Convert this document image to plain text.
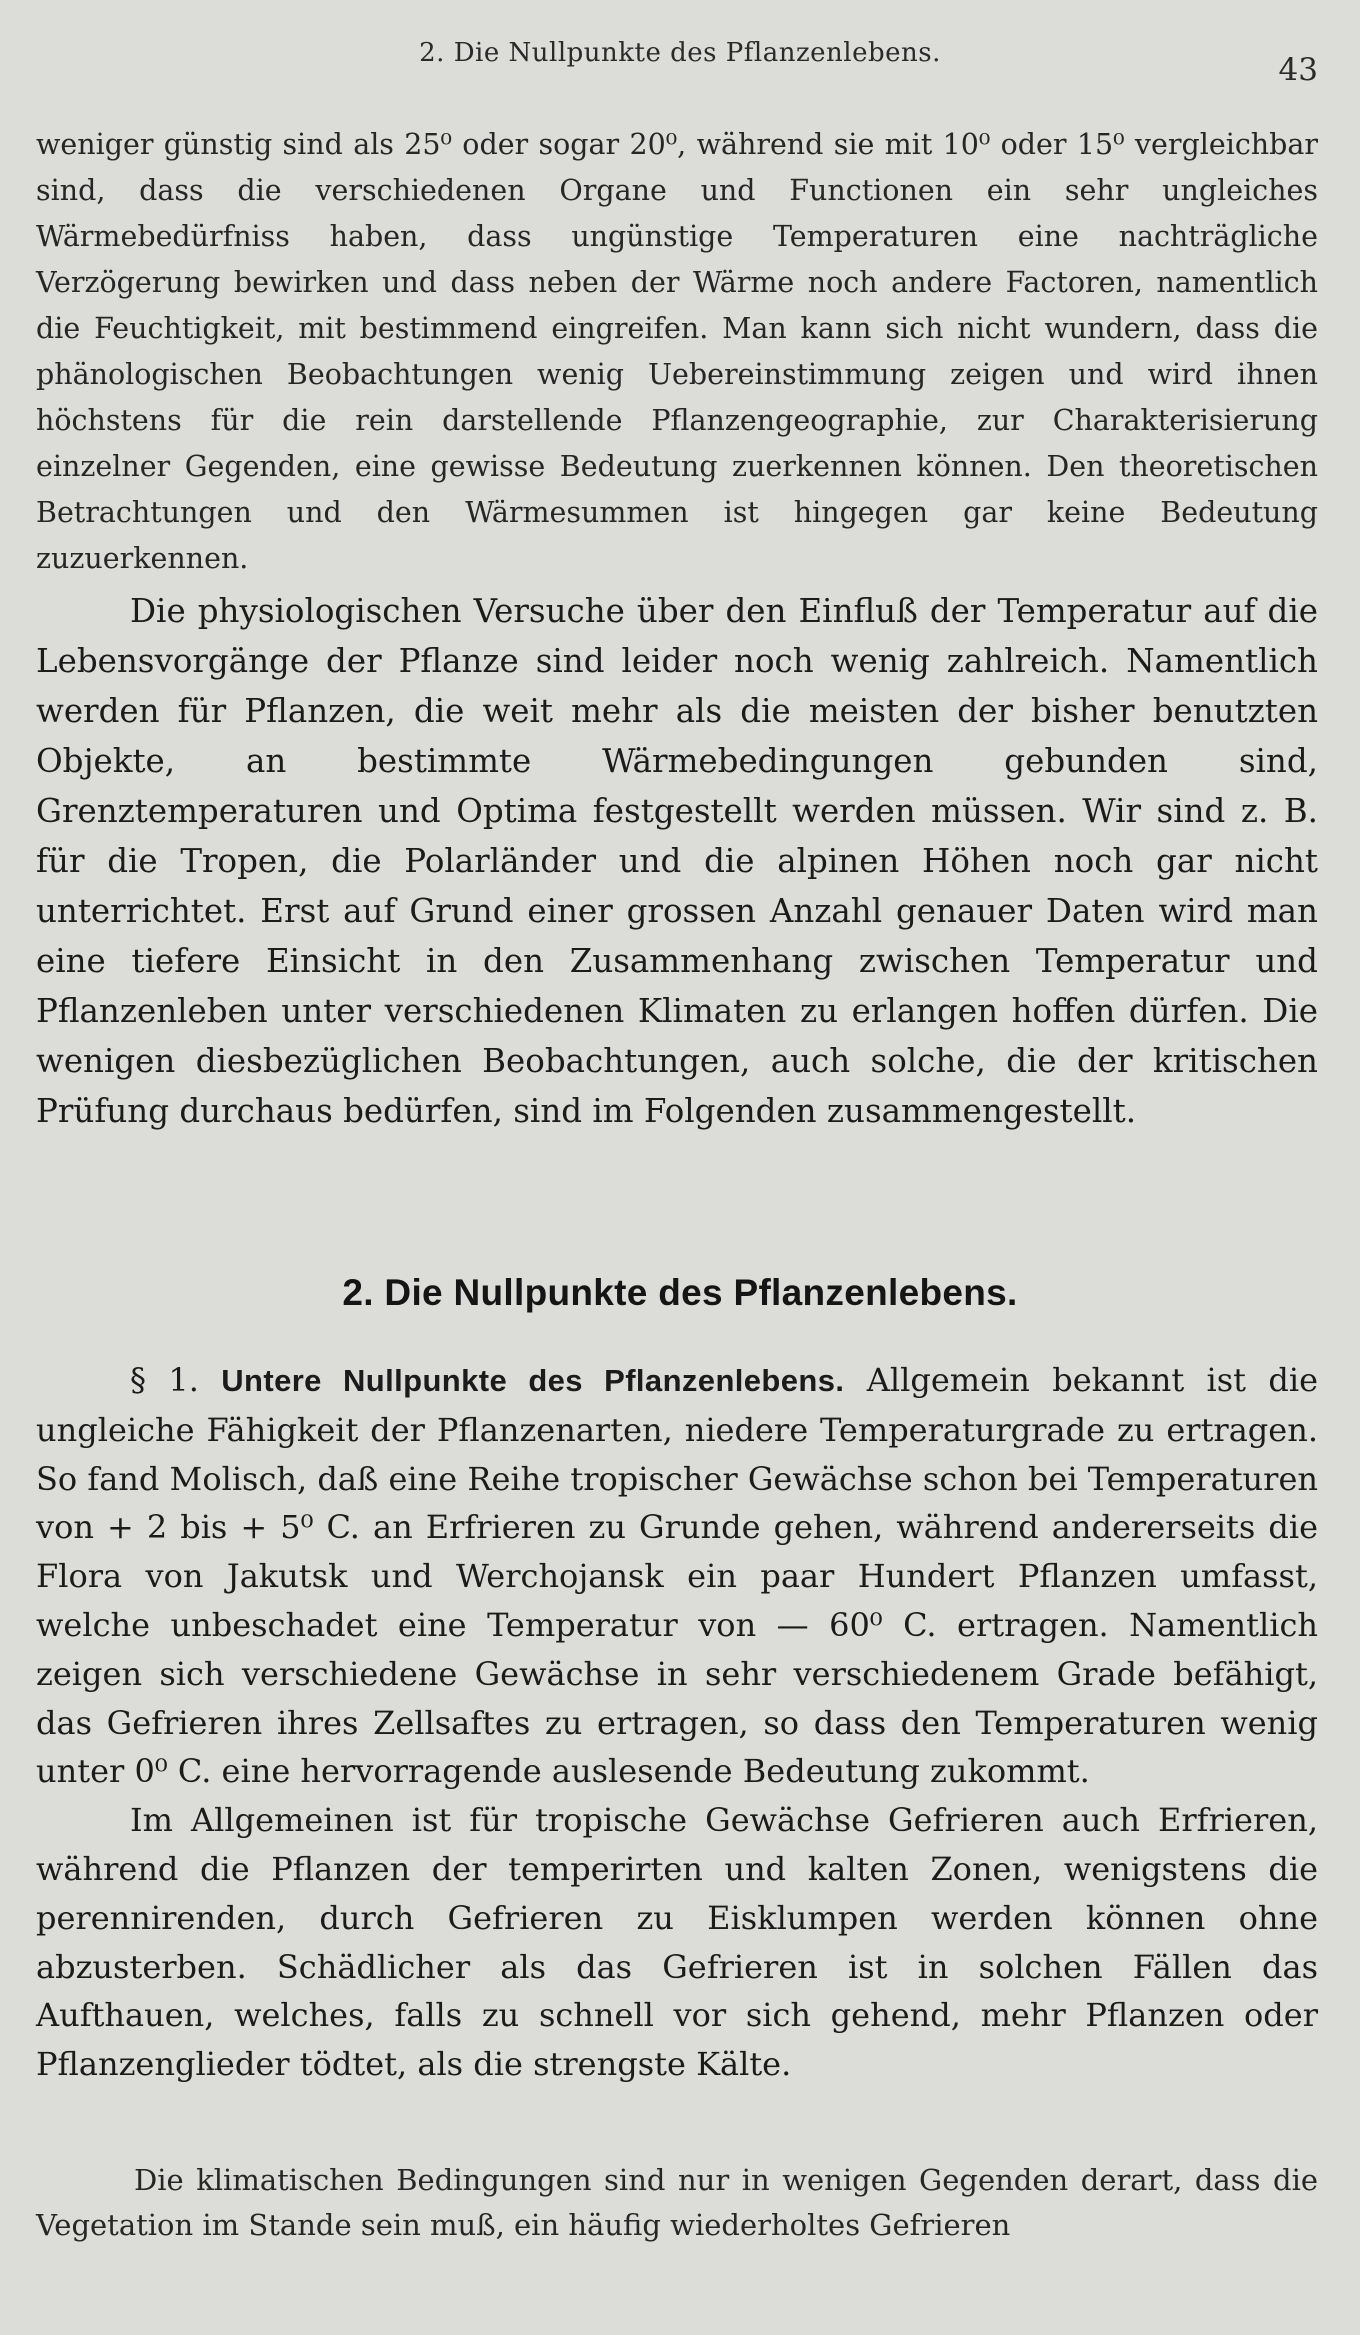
2. Die Nullpunkte des Pflanzenlebens.	43
weniger günstig sind als 25⁰ oder sogar 20⁰, während sie mit 10⁰ oder 15⁰ vergleichbar sind, dass die verschiedenen Organe und Functionen ein sehr ungleiches Wärmebedürfniss haben, dass ungünstige Temperaturen eine nachträgliche Verzögerung bewirken und dass neben der Wärme noch andere Factoren, namentlich die Feuchtigkeit, mit bestimmend eingreifen. Man kann sich nicht wundern, dass die phänologischen Beobachtungen wenig Uebereinstimmung zeigen und wird ihnen höchstens für die rein darstellende Pflanzengeographie, zur Charakterisierung einzelner Gegenden, eine gewisse Bedeutung zuerkennen können. Den theoretischen Betrachtungen und den Wärmesummen ist hingegen gar keine Bedeutung zuzuerkennen.

Die physiologischen Versuche über den Einfluß der Temperatur auf die Lebensvorgänge der Pflanze sind leider noch wenig zahlreich. Namentlich werden für Pflanzen, die weit mehr als die meisten der bisher benutzten Objekte, an bestimmte Wärmebedingungen gebunden sind, Grenztemperaturen und Optima festgestellt werden müssen. Wir sind z. B. für die Tropen, die Polarländer und die alpinen Höhen noch gar nicht unterrichtet. Erst auf Grund einer grossen Anzahl genauer Daten wird man eine tiefere Einsicht in den Zusammenhang zwischen Temperatur und Pflanzenleben unter verschiedenen Klimaten zu erlangen hoffen dürfen. Die wenigen diesbezüglichen Beobachtungen, auch solche, die der kritischen Prüfung durchaus bedürfen, sind im Folgenden zusammengestellt.

2. Die Nullpunkte des Pflanzenlebens.

§ 1. Untere Nullpunkte des Pflanzenlebens. Allgemein bekannt ist die ungleiche Fähigkeit der Pflanzenarten, niedere Temperaturgrade zu ertragen. So fand Molisch, daß eine Reihe tropischer Gewächse schon bei Temperaturen von + 2 bis + 5⁰ C. an Erfrieren zu Grunde gehen, während andererseits die Flora von Jakutsk und Werchojansk ein paar Hundert Pflanzen umfasst, welche unbeschadet eine Temperatur von — 60⁰ C. ertragen. Namentlich zeigen sich verschiedene Gewächse in sehr verschiedenem Grade befähigt, das Gefrieren ihres Zellsaftes zu ertragen, so dass den Temperaturen wenig unter 0⁰ C. eine hervorragende auslesende Bedeutung zukommt.

Im Allgemeinen ist für tropische Gewächse Gefrieren auch Erfrieren, während die Pflanzen der temperirten und kalten Zonen, wenigstens die perennirenden, durch Gefrieren zu Eisklumpen werden können ohne abzusterben. Schädlicher als das Gefrieren ist in solchen Fällen das Aufthauen, welches, falls zu schnell vor sich gehend, mehr Pflanzen oder Pflanzenglieder tödtet, als die strengste Kälte.

Die klimatischen Bedingungen sind nur in wenigen Gegenden derart, dass die Vegetation im Stande sein muß, ein häufig wiederholtes Gefrieren
